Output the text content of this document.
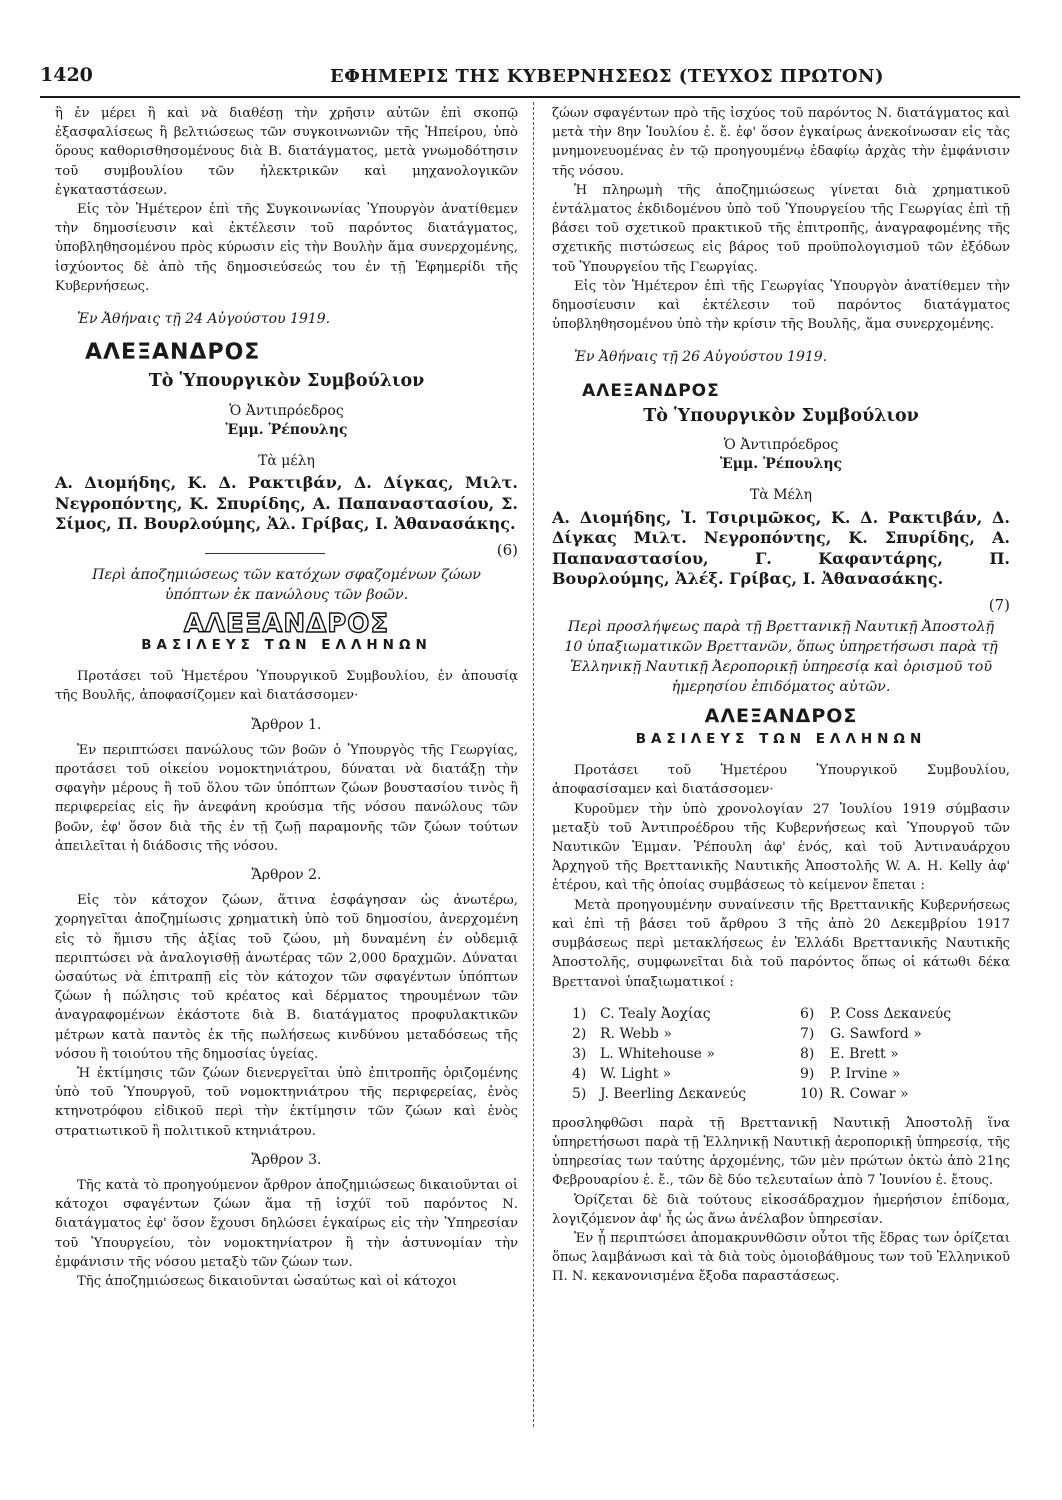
1420	ΕΦΗΜΕΡΙΣ ΤΗΣ ΚΥΒΕΡΝΗΣΕΩΣ (ΤΕΥΧΟΣ ΠΡΩΤΟΝ)

ἢ ἐν μέρει ἢ καὶ νὰ διαθέσῃ τὴν χρῆσιν αὐτῶν ἐπὶ σκοπῷ ἐξασφαλίσεως ἢ βελτιώσεως τῶν συγκοινωνιῶν τῆς Ἠπείρου, ὑπὸ ὅρους καθορισθησομένους διὰ Β. διατάγματος, μετὰ γνωμοδότησιν τοῦ συμβουλίου τῶν ἠλεκτρικῶν καὶ μηχανολογικῶν ἐγκαταστάσεων.

Εἰς τὸν Ἡμέτερον ἐπὶ τῆς Συγκοινωνίας Ὑπουργὸν ἀνατίθεμεν τὴν δημοσίευσιν καὶ ἐκτέλεσιν τοῦ παρόντος διατάγματος, ὑποβληθησομένου πρὸς κύρωσιν εἰς τὴν Βουλὴν ἅμα συνερχομένης, ἰσχύοντος δὲ ἀπὸ τῆς δημοσιεύσεώς του ἐν τῇ Ἐφημερίδι τῆς Κυβερνήσεως.

Ἐν Ἀθήναις τῇ 24 Αὐγούστου 1919.

ΑΛΕΞΑΝΔΡΟΣ

Τὸ Ὑπουργικὸν Συμβούλιον

Ὁ Ἀντιπρόεδρος

Ἐμμ. Ῥέπουλης

Τὰ μέλη

Α. Διομήδης, Κ. Δ. Ρακτιβάν, Δ. Δίγκας, Μιλτ. Νεγροπόντης, Κ. Σπυρίδης, Α. Παπαναστασίου, Σ. Σίμος, Π. Βουρλούμης, Ἀλ. Γρίβας, Ι. Ἀθανασάκης.

(6)

Περὶ ἀποζημιώσεως τῶν κατόχων σφαζομένων ζώων ὑπόπτων ἐκ πανώλους τῶν βοῶν.

ΑΛΕΞΑΝΔΡΟΣ

ΒΑΣΙΛΕΥΣ ΤΩΝ ΕΛΛΗΝΩΝ

Προτάσει τοῦ Ἡμετέρου Ὑπουργικοῦ Συμβουλίου, ἐν ἀπουσίᾳ τῆς Βουλῆς, ἀποφασίζομεν καὶ διατάσσομεν·

Ἄρθρον 1.

Ἐν περιπτώσει πανώλους τῶν βοῶν ὁ Ὑπουργὸς τῆς Γεωργίας, προτάσει τοῦ οἰκείου νομοκτηνιάτρου, δύναται νὰ διατάξῃ τὴν σφαγὴν μέρους ἢ τοῦ ὅλου τῶν ὑπόπτων ζώων βουστασίου τινὸς ἢ περιφερείας εἰς ἣν ἀνεφάνη κρούσμα τῆς νόσου πανώλους τῶν βοῶν, ἐφ' ὅσον διὰ τῆς ἐν τῇ ζωῇ παραμονῆς τῶν ζώων τούτων ἀπειλεῖται ἡ διάδοσις τῆς νόσου.

Ἄρθρον 2.

Εἰς τὸν κάτοχον ζώων, ἅτινα ἐσφάγησαν ὡς ἀνωτέρω, χορηγεῖται ἀποζημίωσις χρηματικὴ ὑπὸ τοῦ δημοσίου, ἀνερχομένη εἰς τὸ ἥμισυ τῆς ἀξίας τοῦ ζώου, μὴ δυναμένη ἐν οὐδεμιᾷ περιπτώσει νὰ ἀναλογισθῇ ἀνωτέρας τῶν 2,000 δραχμῶν. Δύναται ὡσαύτως νὰ ἐπιτραπῇ εἰς τὸν κάτοχον τῶν σφαγέντων ὑπόπτων ζώων ἡ πώλησις τοῦ κρέατος καὶ δέρματος τηρουμένων τῶν ἀναγραφομένων ἑκάστοτε διὰ Β. διατάγματος προφυλακτικῶν μέτρων κατὰ παντὸς ἐκ τῆς πωλήσεως κινδύνου μεταδόσεως τῆς νόσου ἢ τοιούτου τῆς δημοσίας ὑγείας.

Ἡ ἐκτίμησις τῶν ζώων διενεργεῖται ὑπὸ ἐπιτροπῆς ὁριζομένης ὑπὸ τοῦ Ὑπουργοῦ, τοῦ νομοκτηνιάτρου τῆς περιφερείας, ἑνὸς κτηνοτρόφου εἰδικοῦ περὶ τὴν ἐκτίμησιν τῶν ζώων καὶ ἑνὸς στρατιωτικοῦ ἢ πολιτικοῦ κτηνιάτρου.

Ἄρθρον 3.

Τῆς κατὰ τὸ προηγούμενον ἄρθρον ἀποζημιώσεως δικαιοῦνται οἱ κάτοχοι σφαγέντων ζώων ἅμα τῇ ἰσχύϊ τοῦ παρόντος Ν. διατάγματος ἐφ' ὅσον ἔχουσι δηλώσει ἐγκαίρως εἰς τὴν Ὑπηρεσίαν τοῦ Ὑπουργείου, τὸν νομοκτηνίατρον ἢ τὴν ἀστυνομίαν τὴν ἐμφάνισιν τῆς νόσου μεταξὺ τῶν ζώων των.

Τῆς ἀποζημιώσεως δικαιοῦνται ὡσαύτως καὶ οἱ κάτοχοι

ζώων σφαγέντων πρὸ τῆς ἰσχύος τοῦ παρόντος Ν. διατάγματος καὶ μετὰ τὴν 8ην Ἰουλίου ἐ. ἔ. ἐφ' ὅσον ἐγκαίρως ἀνεκοίνωσαν εἰς τὰς μνημονευομένας ἐν τῷ προηγουμένῳ ἐδαφίῳ ἀρχὰς τὴν ἐμφάνισιν τῆς νόσου.

Ἡ πληρωμὴ τῆς ἀποζημιώσεως γίνεται διὰ χρηματικοῦ ἐντάλματος ἐκδιδομένου ὑπὸ τοῦ Ὑπουργείου τῆς Γεωργίας ἐπὶ τῇ βάσει τοῦ σχετικοῦ πρακτικοῦ τῆς ἐπιτροπῆς, ἀναγραφομένης τῆς σχετικῆς πιστώσεως εἰς βάρος τοῦ προϋπολογισμοῦ τῶν ἐξόδων τοῦ Ὑπουργείου τῆς Γεωργίας.

Εἰς τὸν Ἡμέτερον ἐπὶ τῆς Γεωργίας Ὑπουργὸν ἀνατίθεμεν τὴν δημοσίευσιν καὶ ἐκτέλεσιν τοῦ παρόντος διατάγματος ὑποβληθησομένου ὑπὸ τὴν κρίσιν τῆς Βουλῆς, ἅμα συνερχομένης.

Ἐν Ἀθήναις τῇ 26 Αὐγούστου 1919.

ΑΛΕΞΑΝΔΡΟΣ

Τὸ Ὑπουργικὸν Συμβούλιον

Ὁ Ἀντιπρόεδρος

Ἐμμ. Ῥέπουλης

Τὰ Μέλη

Α. Διομήδης, Ἰ. Τσιριμῶκος, Κ. Δ. Ρακτιβάν, Δ. Δίγκας Μιλτ. Νεγροπόντης, Κ. Σπυρίδης, Α. Παπαναστασίου, Γ. Καφαντάρης, Π. Βουρλούμης, Ἀλέξ. Γρίβας, Ι. Ἀθανασάκης.

(7)

Περὶ προσλήψεως παρὰ τῇ Βρεττανικῇ Ναυτικῇ Ἀποστολῇ 10 ὑπαξιωματικῶν Βρεττανῶν, ὅπως ὑπηρετήσωσι παρὰ τῇ Ἑλληνικῇ Ναυτικῇ Ἀεροπορικῇ ὑπηρεσίᾳ καὶ ὁρισμοῦ τοῦ ἡμερησίου ἐπιδόματος αὐτῶν.

ΑΛΕΞΑΝΔΡΟΣ

ΒΑΣΙΛΕΥΣ ΤΩΝ ΕΛΛΗΝΩΝ

Προτάσει τοῦ Ἡμετέρου Ὑπουργικοῦ Συμβουλίου, ἀποφασίσαμεν καὶ διατάσσομεν·

Κυροῦμεν τὴν ὑπὸ χρονολογίαν 27 Ἰουλίου 1919 σύμβασιν μεταξὺ τοῦ Ἀντιπροέδρου τῆς Κυβερνήσεως καὶ Ὑπουργοῦ τῶν Ναυτικῶν Ἐμμαν. Ῥέπουλη ἀφ' ἑνός, καὶ τοῦ Ἀντιναυάρχου Ἀρχηγοῦ τῆς Βρεττανικῆς Ναυτικῆς Ἀποστολῆς W. A. H. Kelly ἀφ' ἑτέρου, καὶ τῆς ὁποίας συμβάσεως τὸ κείμενον ἔπεται :

Μετὰ προηγουμένην συναίνεσιν τῆς Βρεττανικῆς Κυβερνήσεως καὶ ἐπὶ τῇ βάσει τοῦ ἄρθρου 3 τῆς ἀπὸ 20 Δεκεμβρίου 1917 συμβάσεως περὶ μετακλήσεως ἐν Ἑλλάδι Βρεττανικῆς Ναυτικῆς Ἀποστολῆς, συμφωνεῖται διὰ τοῦ παρόντος ὅπως οἱ κάτωθι δέκα Βρεττανοὶ ὑπαξιωματικοί :

1) C. Tealy Ἀοχίας	6)	P. Coss Δεκανεύς
2) R. Webb »	7)	G. Sawford »
3) L. Whitehouse »	8)	E. Brett »
4) W. Light »	9)	P. Irvine »
5) J. Beerling Δεκανεύς	10) R. Cowar »

προσληφθῶσι παρὰ τῇ Βρεττανικῇ Ναυτικῇ Ἀποστολῇ ἵνα ὑπηρετήσωσι παρὰ τῇ Ἑλληνικῇ Ναυτικῇ ἀεροπορικῇ ὑπηρεσίᾳ, τῆς ὑπηρεσίας των ταύτης ἀρχομένης, τῶν μὲν πρώτων ὀκτὼ ἀπὸ 21ης Φεβρουαρίου ἐ. ἔ., τῶν δὲ δύο τελευταίων ἀπὸ 7 Ἰουνίου ἐ. ἔτους.

Ὁρίζεται δὲ διὰ τούτους εἰκοσάδραχμον ἡμερήσιον ἐπίδομα, λογιζόμενον ἀφ' ἧς ὡς ἄνω ἀνέλαβον ὑπηρεσίαν.

Ἐν ᾗ περιπτώσει ἀπομακρυνθῶσιν οὗτοι τῆς ἕδρας των ὁρίζεται ὅπως λαμβάνωσι καὶ τὰ διὰ τοὺς ὁμοιοβάθμους των τοῦ Ἑλληνικοῦ Π. Ν. κεκανονισμένα ἔξοδα παραστάσεως.
